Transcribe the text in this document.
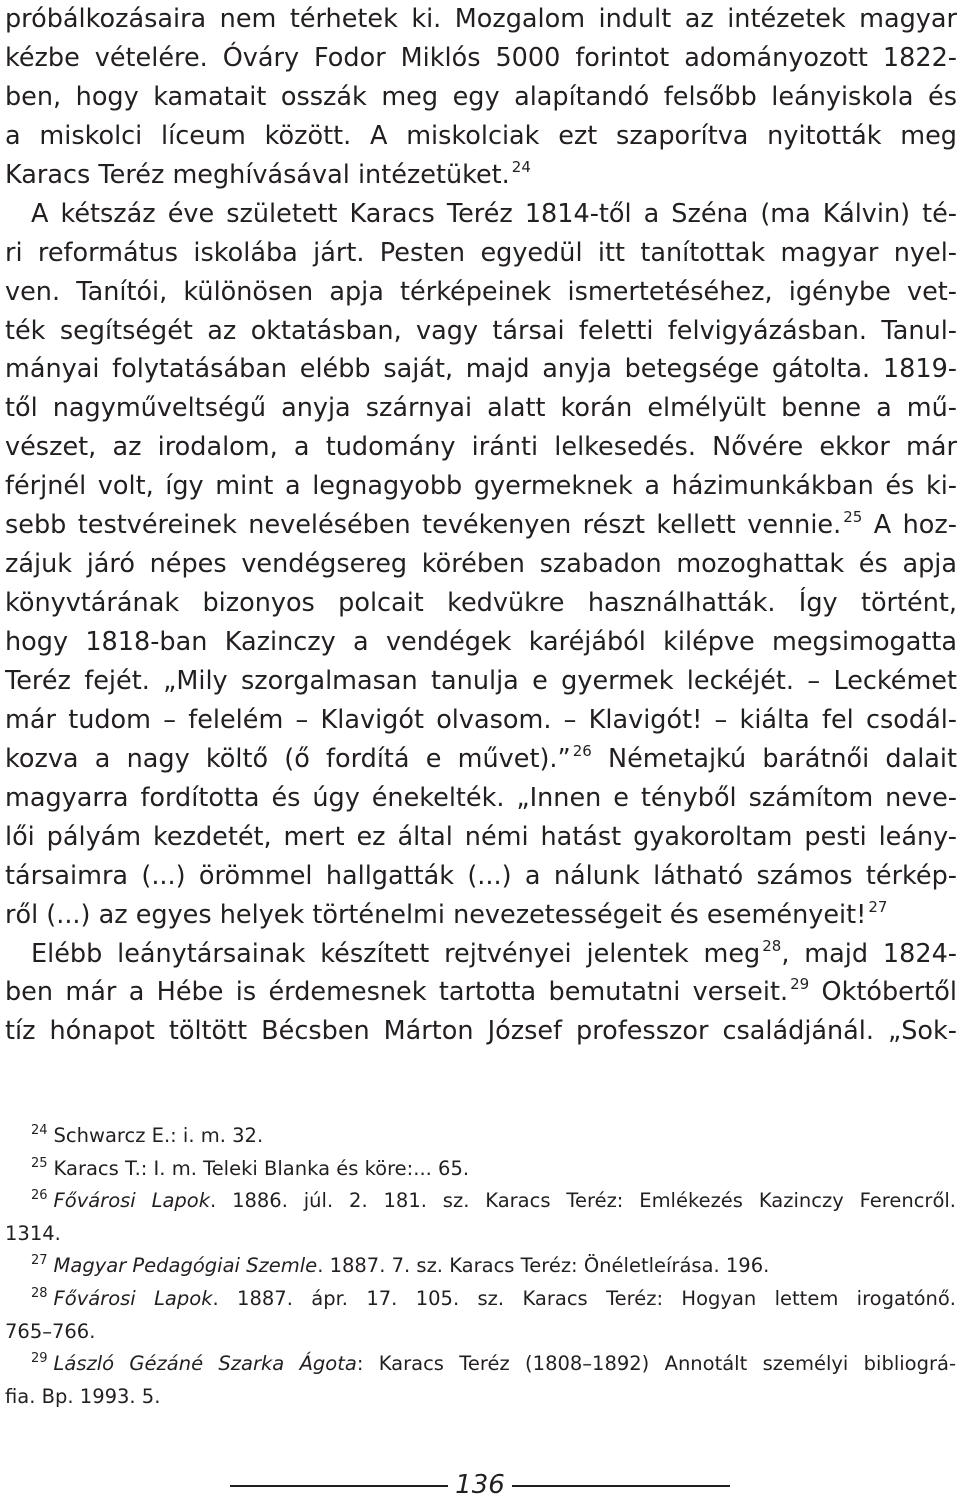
próbálkozásaira nem térhetek ki. Mozgalom indult az intézetek magyar
kézbe vételére. Óváry Fodor Miklós 5000 forintot adományozott 1822-
ben, hogy kamatait osszák meg egy alapítandó felsőbb leányiskola és
a miskolci líceum között. A miskolciak ezt szaporítva nyitották meg
Karacs Teréz meghívásával intézetüket. $^{24}$
A kétszáz éve született Karacs Teréz 1814-től a Széna (ma Kálvin) té-
ri református iskolába járt. Pesten egyedül itt tanítottak magyar nyel-
ven. Tanítói, különösen apja térképeinek ismertetéséhez, igénybe vet-
ték segítségét az oktatásban, vagy társai feletti felvigyázásban. Tanul-
mányai folytatásában elébb saját, majd anyja betegsége gátolta. 1819-
től nagyműveltségű anyja szárnyai alatt korán elmélyült benne a mű-
vészet, az irodalom, a tudomány iránti lelkesedés. Nővére ekkor már
férjnél volt, így mint a legnagyobb gyermeknek a házimunkákban és ki-
sebb testvéreinek nevelésében tevékenyen részt kellett vennie. $^{25}$ A hoz-
zájuk járó népes vendégsereg körében szabadon mozoghattak és apja
könyvtárának bizonyos polcait kedvükre használhatták. Így történt,
hogy 1818-ban Kazinczy a vendégek karéjából kilépve megsimogatta
Teréz fejét. „Mily szorgalmasan tanulja e gyermek leckéjét. – Leckémet
már tudom – felelém – Klavigót olvasom. – Klavigót! – kiálta fel csodál-
kozva a nagy költő (ő fordítá e művet).” $^{26}$ Németajkú barátnői dalait
magyarra fordította és úgy énekelték. „Innen e tényből számítom neve-
lői pályám kezdetét, mert ez által némi hatást gyakoroltam pesti leány-
társaimra (...) örömmel hallgatták (...) a nálunk látható számos térkép-
ről (...) az egyes helyek történelmi nevezetességeit és eseményeit! $^{27}$
Elébb leánytársainak készített rejtvényei jelentek meg $^{28}$, majd 1824-
ben már a Hébe is érdemesnek tartotta bemutatni verseit. $^{29}$ Októbertől
tíz hónapot töltött Bécsben Márton József professzor családjánál. „Sok-
$^{24}$ Schwarcz E.: i. m. 32.
$^{25}$ Karacs T.: I. m. Teleki Blanka és köre:... 65.
$^{26}$ Fővárosi Lapok. 1886. júl. 2. 181. sz. Karacs Teréz: Emlékezés Kazinczy Ferencről.
1314.
$^{27}$ Magyar Pedagógiai Szemle. 1887. 7. sz. Karacs Teréz: Önéletleírása. 196.
$^{28}$ Fővárosi Lapok. 1887. ápr. 17. 105. sz. Karacs Teréz: Hogyan lettem irogatónő.
765–766.
$^{29}$ László Gézáné Szarka Ágota: Karacs Teréz (1808–1892) Annotált személyi bibliográ-
fia. Bp. 1993. 5.
136
